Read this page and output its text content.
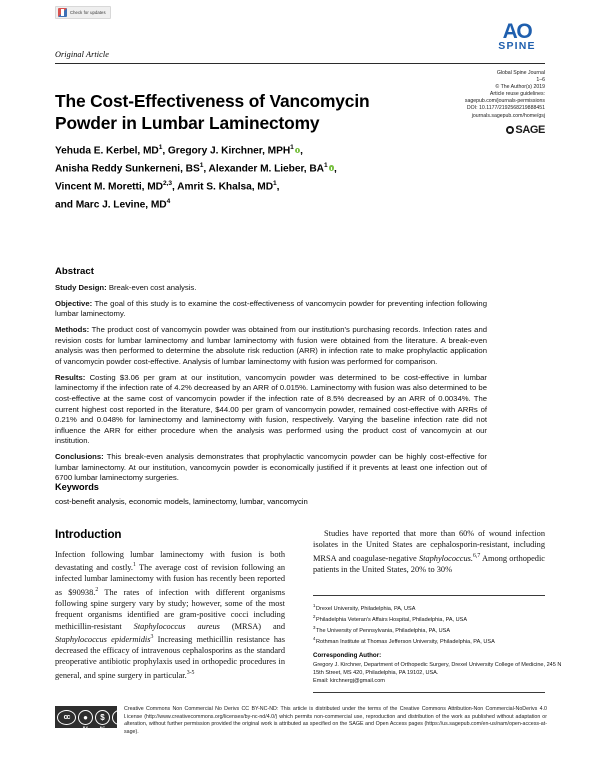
Check for updates
AO
SPINE
Original Article
Global Spine Journal
1–6
© The Author(s) 2019
Article reuse guidelines:
sagepub.com/journals-permissions
DOI: 10.1177/2192568219888451
journals.sagepub.com/home/gsj
SAGE
The Cost-Effectiveness of Vancomycin Powder in Lumbar Laminectomy
Yehuda E. Kerbel, $MD^1$, Gregory J. Kirchner, MPH$^1$ ,
Anisha Reddy Sunkerneni, $BS^1$, Alexander M. Lieber, $BA^1$ ,
Vincent M. Moretti, MD$^{2,3}$, Amrit S. Khalsa, $MD^1$,
and Marc J. Levine, $MD^4$
Abstract

Study Design: Break-even cost analysis.

Objective: The goal of this study is to examine the cost-effectiveness of vancomycin powder for preventing infection following lumbar laminectomy.

Methods: The product cost of vancomycin powder was obtained from our institution's purchasing records. Infection rates and revision costs for lumbar laminectomy and lumbar laminectomy with fusion were obtained from the literature. A break-even analysis was then performed to determine the absolute risk reduction (ARR) in infection rate to make prophylactic application of vancomycin powder cost-effective. Analysis of lumbar laminectomy with fusion was performed for comparison.

Results: Costing $3.06 per gram at our institution, vancomycin powder was determined to be cost-effective in lumbar laminectomy if the infection rate of 4.2% decreased by an ARR of 0.015%. Laminectomy with fusion was also determined to be cost-effective at the same cost of vancomycin powder if the infection rate of 8.5% decreased by an ARR of 0.0034%. The current highest cost reported in the literature, $44.00 per gram of vancomycin powder, remained cost-effective with ARRs of 0.21% and 0.048% for laminectomy and laminectomy with fusion, respectively. Varying the baseline infection rate did not influence the ARR for either procedure when the analysis was performed using the product cost of vancomycin at our institution.

Conclusions: This break-even analysis demonstrates that prophylactic vancomycin powder can be highly cost-effective for lumbar laminectomy. At our institution, vancomycin powder is economically justified if it prevents at least one infection out of 6700 lumbar laminectomy surgeries.

Keywords
cost-benefit analysis, economic models, laminectomy, lumbar, vancomycin
Introduction

Infection following lumbar laminectomy with fusion is both devastating and costly.$^1$ The average cost of revision following an infected lumbar laminectomy with fusion has recently been reported as $90938.$^2$ The rates of infection with different organisms following spine surgery vary by study; however, some of the most frequent organisms identified are gram-positive cocci including methicillin-resistant Staphylococcus aureus (MRSA) and Staphylococcus epidermidis$^3$ Increasing methicillin resistance has decreased the efficacy of intravenous cephalosporins as the standard preoperative antibiotic prophylaxis used in orthopedic procedures in general, and spine surgery in particular.$^{3-5}$

Studies have reported that more than 60% of wound infection isolates in the United States are cephalosporin-resistant, including MRSA and coagulase-negative Staphylococcus.$^{6,7}$ Among orthopedic patients in the United States, 20% to 30%

$^1$Drexel University, Philadelphia, PA, USA
$^2$Philadelphia Veteran's Affairs Hospital, Philadelphia, PA, USA
$^3$The University of Pennsylvania, Philadelphia, PA, USA
$^4$Rothman Institute at Thomas Jefferson University, Philadelphia, PA, USA
Corresponding Author:
Gregory J. Kirchner, Department of Orthopedic Surgery, Drexel University College of Medicine, 245 N 15th Street, MS 420, Philadelphia, PA 19102, USA.
Email: kirchnergj@gmail.com
cc	●
BY
$
NC
=
ND
Creative Commons Non Commercial No Derivs CC BY-NC-ND: This article is distributed under the terms of the Creative Commons Attribution-Non Commercial-NoDerivs 4.0 License (http://www.creativecommons.org/licenses/by-nc-nd/4.0/) which permits non-commercial use, reproduction and distribution of the work as published without adaptation or alteration, without further permission provided the original work is attributed as specified on the SAGE and Open Access pages (https://us.sagepub.com/en-us/nam/open-access-at-sage).
